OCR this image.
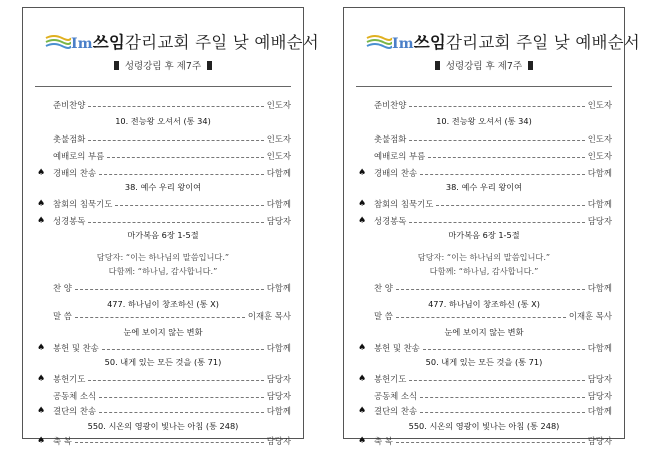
Im쓰임감리교회 주일 낮 예배순서
성령강림 후 제7주
준비찬양	인도자
10. 전능왕 오셔서 (통 34)
촛불점화	인도자
예배로의 부름	인도자
♠ 경배의 찬송	다함께
38. 예수 우리 왕이여
♠ 참회의 침묵기도	다함께
♠ 성경봉독	담당자
마가복음 6장 1-5절
담당자: “이는 하나님의 말씀입니다.”
다함께: “하나님, 감사합니다.”
찬 양	다함께
477. 하나님이 창조하신 (통 X)
말 씀	이재훈 목사
눈에 보이지 않는 변화
♠ 봉헌 및 찬송	다함께
50. 내게 있는 모든 것을 (통 71)
♠ 봉헌기도	담당자
공동체 소식	담당자
♠ 결단의 찬송	다함께
550. 시온의 영광이 빛나는 아침 (통 248)
♠ 축 복	담당자
Im쓰임감리교회 주일 낮 예배순서
성령강림 후 제7주
준비찬양	인도자
10. 전능왕 오셔서 (통 34)
촛불점화	인도자
예배로의 부름	인도자
♠ 경배의 찬송	다함께
38. 예수 우리 왕이여
♠ 참회의 침묵기도	다함께
♠ 성경봉독	담당자
마가복음 6장 1-5절
담당자: “이는 하나님의 말씀입니다.”
다함께: “하나님, 감사합니다.”
찬 양	다함께
477. 하나님이 창조하신 (통 X)
말 씀	이재훈 목사
눈에 보이지 않는 변화
♠ 봉헌 및 찬송	다함께
50. 내게 있는 모든 것을 (통 71)
♠ 봉헌기도	담당자
공동체 소식	담당자
♠ 결단의 찬송	다함께
550. 시온의 영광이 빛나는 아침 (통 248)
♠ 축 복	담당자
